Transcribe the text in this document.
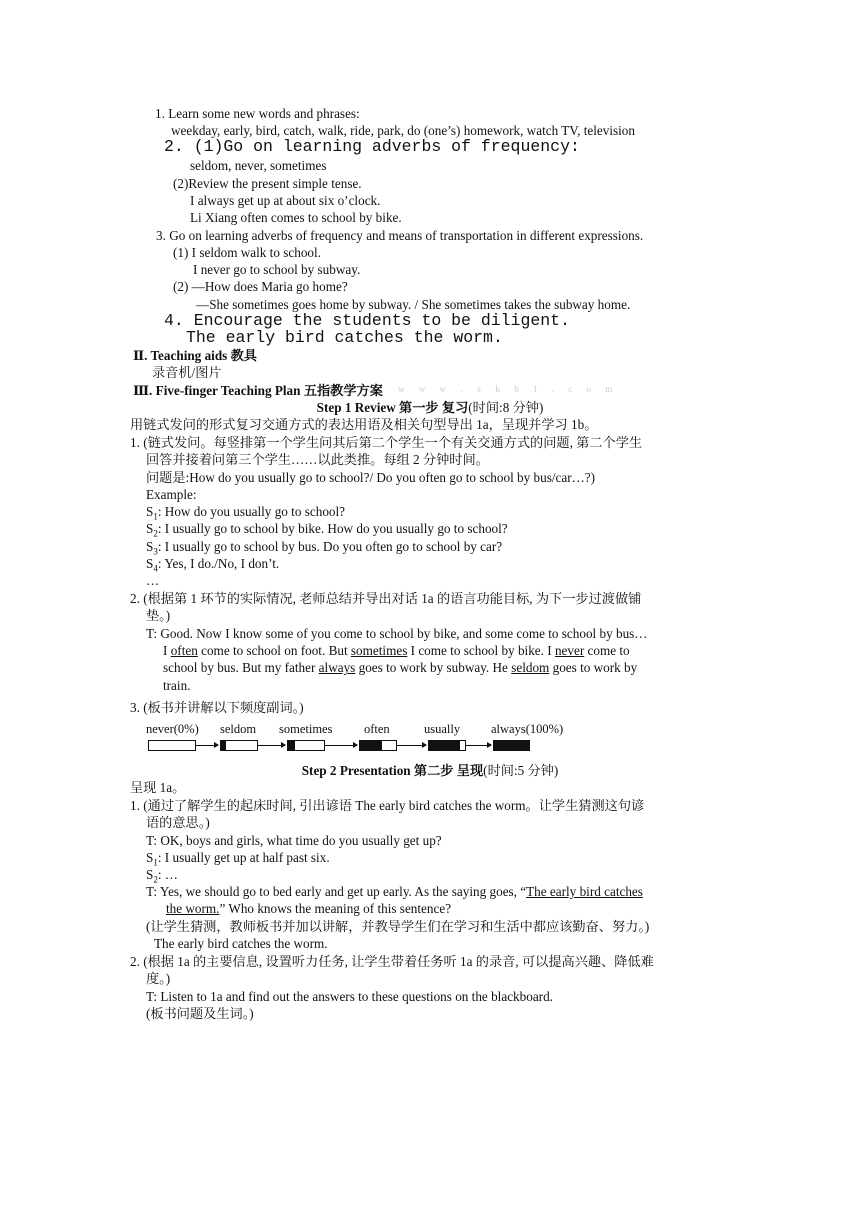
1. Learn some new words and phrases:
weekday, early, bird, catch, walk, ride, park, do (one’s) homework, watch TV, television
2. (1)Go on learning adverbs of frequency:
seldom, never, sometimes
(2)Review the present simple tense.
I always get up at about six o’clock.
Li Xiang often comes to school by bike.
3. Go on learning adverbs of frequency and means of transportation in different expressions.
(1) I seldom walk to school.
I never go to school by subway.
(2) —How does Maria go home?
—She sometimes goes home by subway. / She sometimes takes the subway home.
4. Encourage the students to be diligent.
The early bird catches the worm.
Ⅱ. Teaching aids 教具
录音机/图片
Ⅲ. Five-finger Teaching Plan 五指教学方案 w w w . x k b 1 . c o m
Step 1 Review 第一步 复习(时间:8 分钟)
用链式发问的形式复习交通方式的表达用语及相关句型导出 1a，呈现并学习 1b。
1. (链式发问。每竖排第一个学生问其后第二个学生一个有关交通方式的问题, 第二个学生
回答并接着问第三个学生……以此类推。每组 2 分钟时间。
问题是:How do you usually go to school?/ Do you often go to school by bus/car…?)
Example:
$S_1$: How do you usually go to school?
$S_2$: I usually go to school by bike. How do you usually go to school?
$S_3$: I usually go to school by bus. Do you often go to school by car?
$S_4$: Yes, I do./No, I don’t.
…
2. (根据第 1 环节的实际情况, 老师总结并导出对话 1a 的语言功能目标, 为下一步过渡做铺
垫。)
T: Good. Now I know some of you come to school by bike, and some come to school by bus…
I often come to school on foot. But sometimes I come to school by bike. I never come to
school by bus. But my father always goes to work by subway. He seldom goes to work by
train.
3. (板书并讲解以下频度副词。)
never(0%) seldom sometimes	often	usually always(100%)
Step 2 Presentation 第二步 呈现(时间:5 分钟)
呈现 1a。
1. (通过了解学生的起床时间, 引出谚语 The early bird catches the worm。让学生猜测这句谚
语的意思。)
T: OK, boys and girls, what time do you usually get up?
$S_1$: I usually get up at half past six.
$S_2$: …
T: Yes, we should go to bed early and get up early. As the saying goes, “The early bird catches
the worm.” Who knows the meaning of this sentence?
(让学生猜测，教师板书并加以讲解，并教导学生们在学习和生活中都应该勤奋、努力。)
The early bird catches the worm.
2. (根据 1a 的主要信息, 设置听力任务, 让学生带着任务听 1a 的录音, 可以提高兴趣、降低难
度。)
T: Listen to 1a and find out the answers to these questions on the blackboard.
(板书问题及生词。)
